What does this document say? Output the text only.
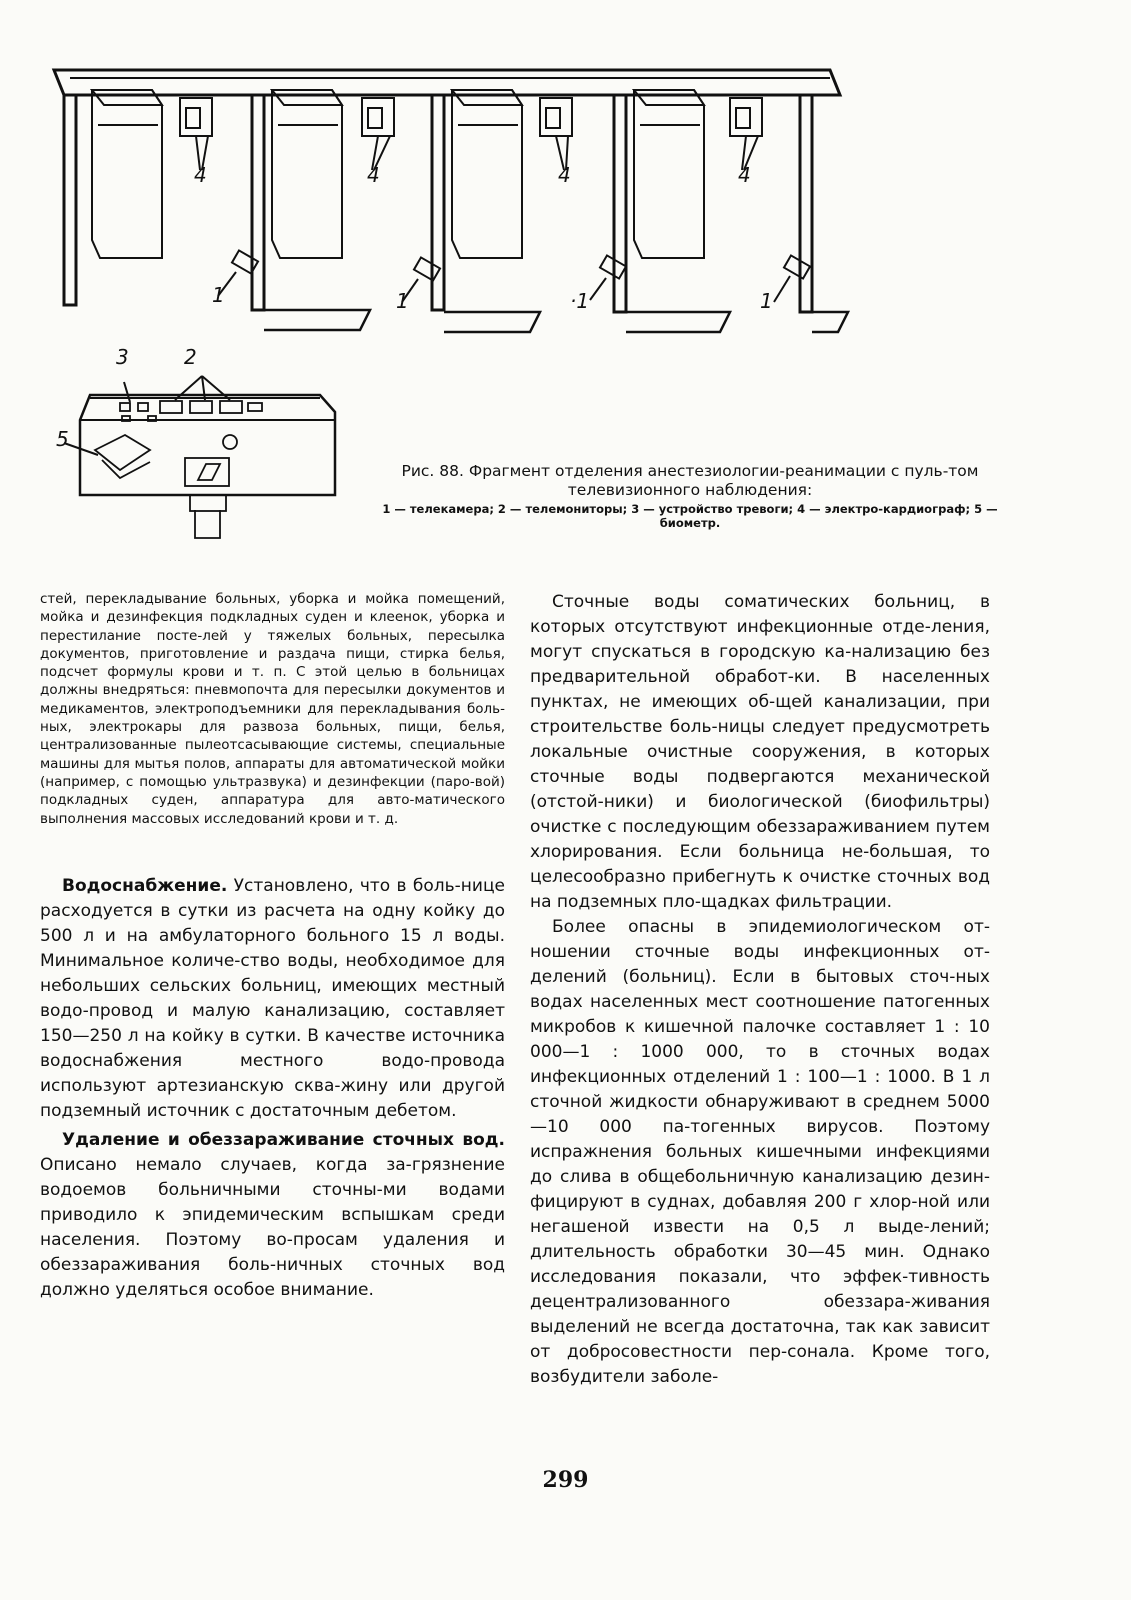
4	4	4	4
1	1	·1	1
3	2
5

Рис. 88. Фрагмент отделения анестезиологии-реанимации с пуль-том телевизионного наблюдения:

1 — телекамера; 2 — телемониторы; 3 — устройство тревоги; 4 — электро-кардиограф; 5 — биометр.

стей, перекладывание больных, уборка и мойка помещений, мойка и дезинфекция подкладных суден и клеенок, уборка и перестилание посте-лей у тяжелых больных, пересылка документов, приготовление и раздача пищи, стирка белья, подсчет формулы крови и т. п. С этой целью в больницах должны внедряться: пневмопочта для пересылки документов и медикаментов, электроподъемники для перекладывания боль-ных, электрокары для развоза больных, пищи, белья, централизованные пылеотсасывающие системы, специальные машины для мытья полов, аппараты для автоматической мойки (например, с помощью ультразвука) и дезинфекции (паро-вой) подкладных суден, аппаратура для авто-матического выполнения массовых исследований крови и т. д.

Водоснабжение. Установлено, что в боль-нице расходуется в сутки из расчета на одну койку до 500 л и на амбулаторного больного 15 л воды. Минимальное количе-ство воды, необходимое для небольших сельских больниц, имеющих местный водо-провод и малую канализацию, составляет 150—250 л на койку в сутки. В качестве источника водоснабжения местного водо-провода используют артезианскую сква-жину или другой подземный источник с достаточным дебетом.

Удаление и обеззараживание сточных вод. Описано немало случаев, когда за-грязнение водоемов больничными сточны-ми водами приводило к эпидемическим вспышкам среди населения. Поэтому во-просам удаления и обеззараживания боль-ничных сточных вод должно уделяться особое внимание.

Сточные воды соматических больниц, в которых отсутствуют инфекционные отде-ления, могут спускаться в городскую ка-нализацию без предварительной обработ-ки. В населенных пунктах, не имеющих об-щей канализации, при строительстве боль-ницы следует предусмотреть локальные очистные сооружения, в которых сточные воды подвергаются механической (отстой-ники) и биологической (биофильтры) очистке с последующим обеззараживанием путем хлорирования. Если больница не-большая, то целесообразно прибегнуть к очистке сточных вод на подземных пло-щадках фильтрации.

Более опасны в эпидемиологическом от-ношении сточные воды инфекционных от-делений (больниц). Если в бытовых сточ-ных водах населенных мест соотношение патогенных микробов к кишечной палочке составляет 1 : 10 000—1 : 1000 000, то в сточных водах инфекционных отделений 1 : 100—1 : 1000. В 1 л сточной жидкости обнаруживают в среднем 5000—10 000 па-тогенных вирусов. Поэтому испражнения больных кишечными инфекциями до слива в общебольничную канализацию дезин-фицируют в суднах, добавляя 200 г хлор-ной или негашеной извести на 0,5 л выде-лений; длительность обработки 30—45 мин. Однако исследования показали, что эффек-тивность децентрализованного обеззара-живания выделений не всегда достаточна, так как зависит от добросовестности пер-сонала. Кроме того, возбудители заболе-

299
